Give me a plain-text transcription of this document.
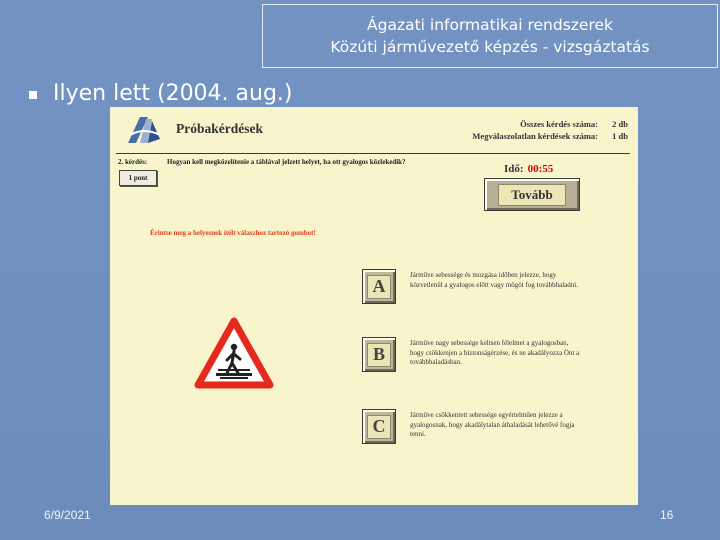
Ágazati informatikai rendszerek
Közúti járművezető képzés - vizsgáztatás
Ilyen lett (2004. aug.)
Próbakérdések	Összes kérdés száma:	2 db
Megválaszolatlan kérdések száma:	1 db
2. kérdés:
1 pont
Hogyan kell megközelítenie a táblával jelzett helyet, ha ott gyalogos közlekedik?
Idő: 00:55
Tovább
Érintse meg a helyesnek ítélt válaszhoz tartozó gombot!
A
Járműve sebessége és mozgása időben jelezze, hogy közvetlenül a gyalogos előtt vagy mögöt fog továbbhaladni.
B
Járműve nagy sebessége keltsen félelmet a gyalogosban, hogy csökkenjen a biztonságérzése, és ne akadályozza Önt a továbbhaladásban.
C
Járműve csökkentett sebessége egyértelműen jelezze a gyalogosnak, hogy akadálytalan áthaladását lehetővé fogja tenni.
6/9/2021	16
